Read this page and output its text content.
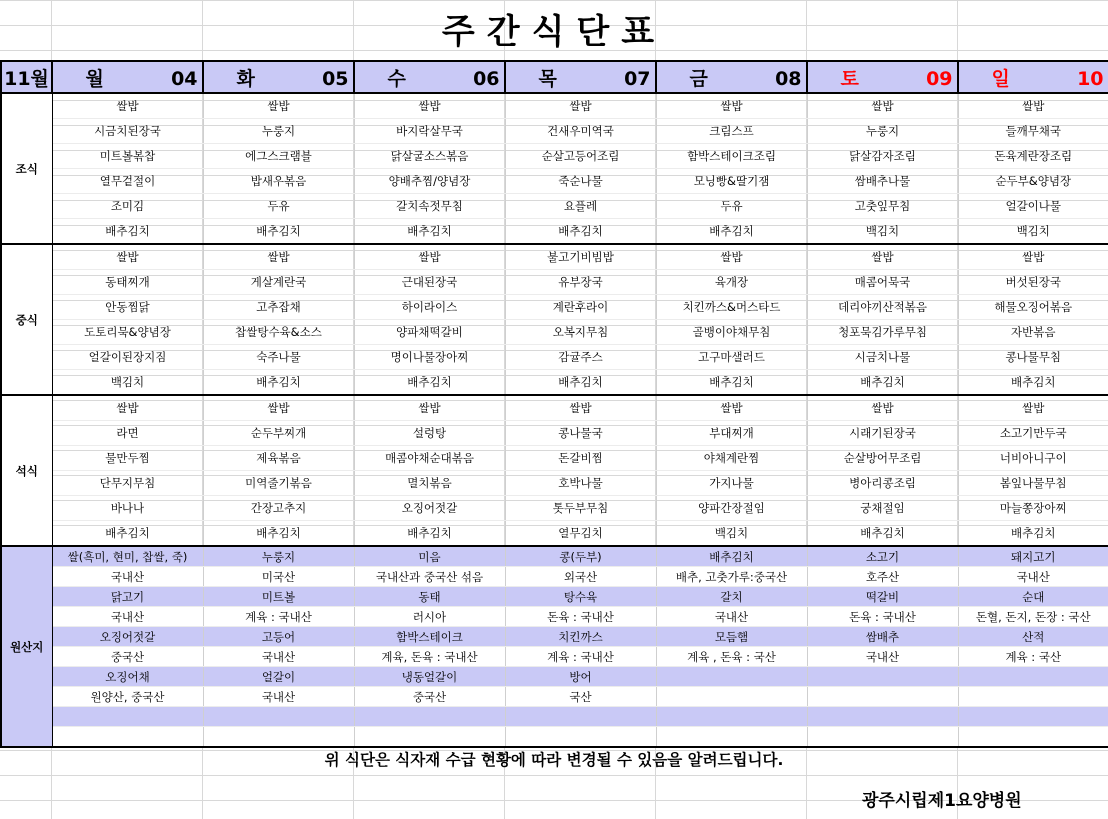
주간식단표
11월	월 04	화 05	수 06	목 07	금 08	토 09	일 10
조식	쌀밥	쌀밥	쌀밥	쌀밥	쌀밥	쌀밥	쌀밥
	시금치된장국	누룽지	바지락살무국	건새우미역국	크림스프	누룽지	들깨무채국
	미트볼볶찹	에그스크램블	닭살굴소스볶음	순살고등어조림	함박스테이크조림	닭살감자조림	돈육계란장조림
	열무겉절이	밥새우볶음	양배추찜/양념장	죽순나물	모닝빵&딸기잼	쌈배추나물	순두부&양념장
	조미김	두유	갈치속젓무침	요플레	두유	고춧잎무침	얼갈이나물
	배추김치	배추김치	배추김치	배추김치	배추김치	백김치	백김치
중식	쌀밥	쌀밥	쌀밥	불고기비빔밥	쌀밥	쌀밥	쌀밥
	동태찌개	게살계란국	근대된장국	유부장국	육개장	매콤어묵국	버섯된장국
	안동찜닭	고추잡채	하이라이스	계란후라이	치킨까스&머스타드	데리야끼산적볶음	해물오징어볶음
	도토리묵&양념장	찹쌀탕수육&소스	양파채떡갈비	오복지무침	골뱅이야채무침	청포묵김가루무침	자반볶음
	얼갈이된장지짐	숙주나물	명이나물장아찌	감귤주스	고구마샐러드	시금치나물	콩나물무침
	백김치	배추김치	배추김치	배추김치	배추김치	배추김치	배추김치
석식	쌀밥	쌀밥	쌀밥	쌀밥	쌀밥	쌀밥	쌀밥
	라면	순두부찌개	설렁탕	콩나물국	부대찌개	시래기된장국	소고기만두국
	물만두찜	제육볶음	매콤야채순대볶음	돈갈비찜	야채계란찜	순살방어무조림	너비아니구이
	단무지무침	미역줄기볶음	멸치볶음	호박나물	가지나물	병아리콩조림	봄잎나물무침
	바나나	간장고추지	오징어젓갈	톳두부무침	양파간장절임	궁채절임	마늘쫑장아찌
	배추김치	배추김치	배추김치	열무김치	백김치	배추김치	배추김치
원산지	쌀(흑미, 현미, 찹쌀, 죽)	누룽지	미음	콩(두부)	배추김치	소고기	돼지고기
	국내산	미국산	국내산과 중국산 섞음	외국산	배추, 고춧가루:중국산	호주산	국내산
	닭고기	미트볼	동태	탕수육	갈치	떡갈비	순대
	국내산	계육 : 국내산	러시아	돈육 : 국내산	국내산	돈육 : 국내산	돈혈, 돈지, 돈장 : 국산
	오징어젓갈	고등어	함박스테이크	치킨까스	모듬햄	쌈배추	산적
	중국산	국내산	계육, 돈육 : 국내산	계육 : 국내산	계육 , 돈육 : 국산	국내산	계육 : 국산
	오징어채	얼갈이	냉동얼갈이	방어			
	원양산, 중국산	국내산	중국산	국산			

위 식단은 식자재 수급 현황에 따라 변경될 수 있음을 알려드립니다.
광주시립제1요양병원
